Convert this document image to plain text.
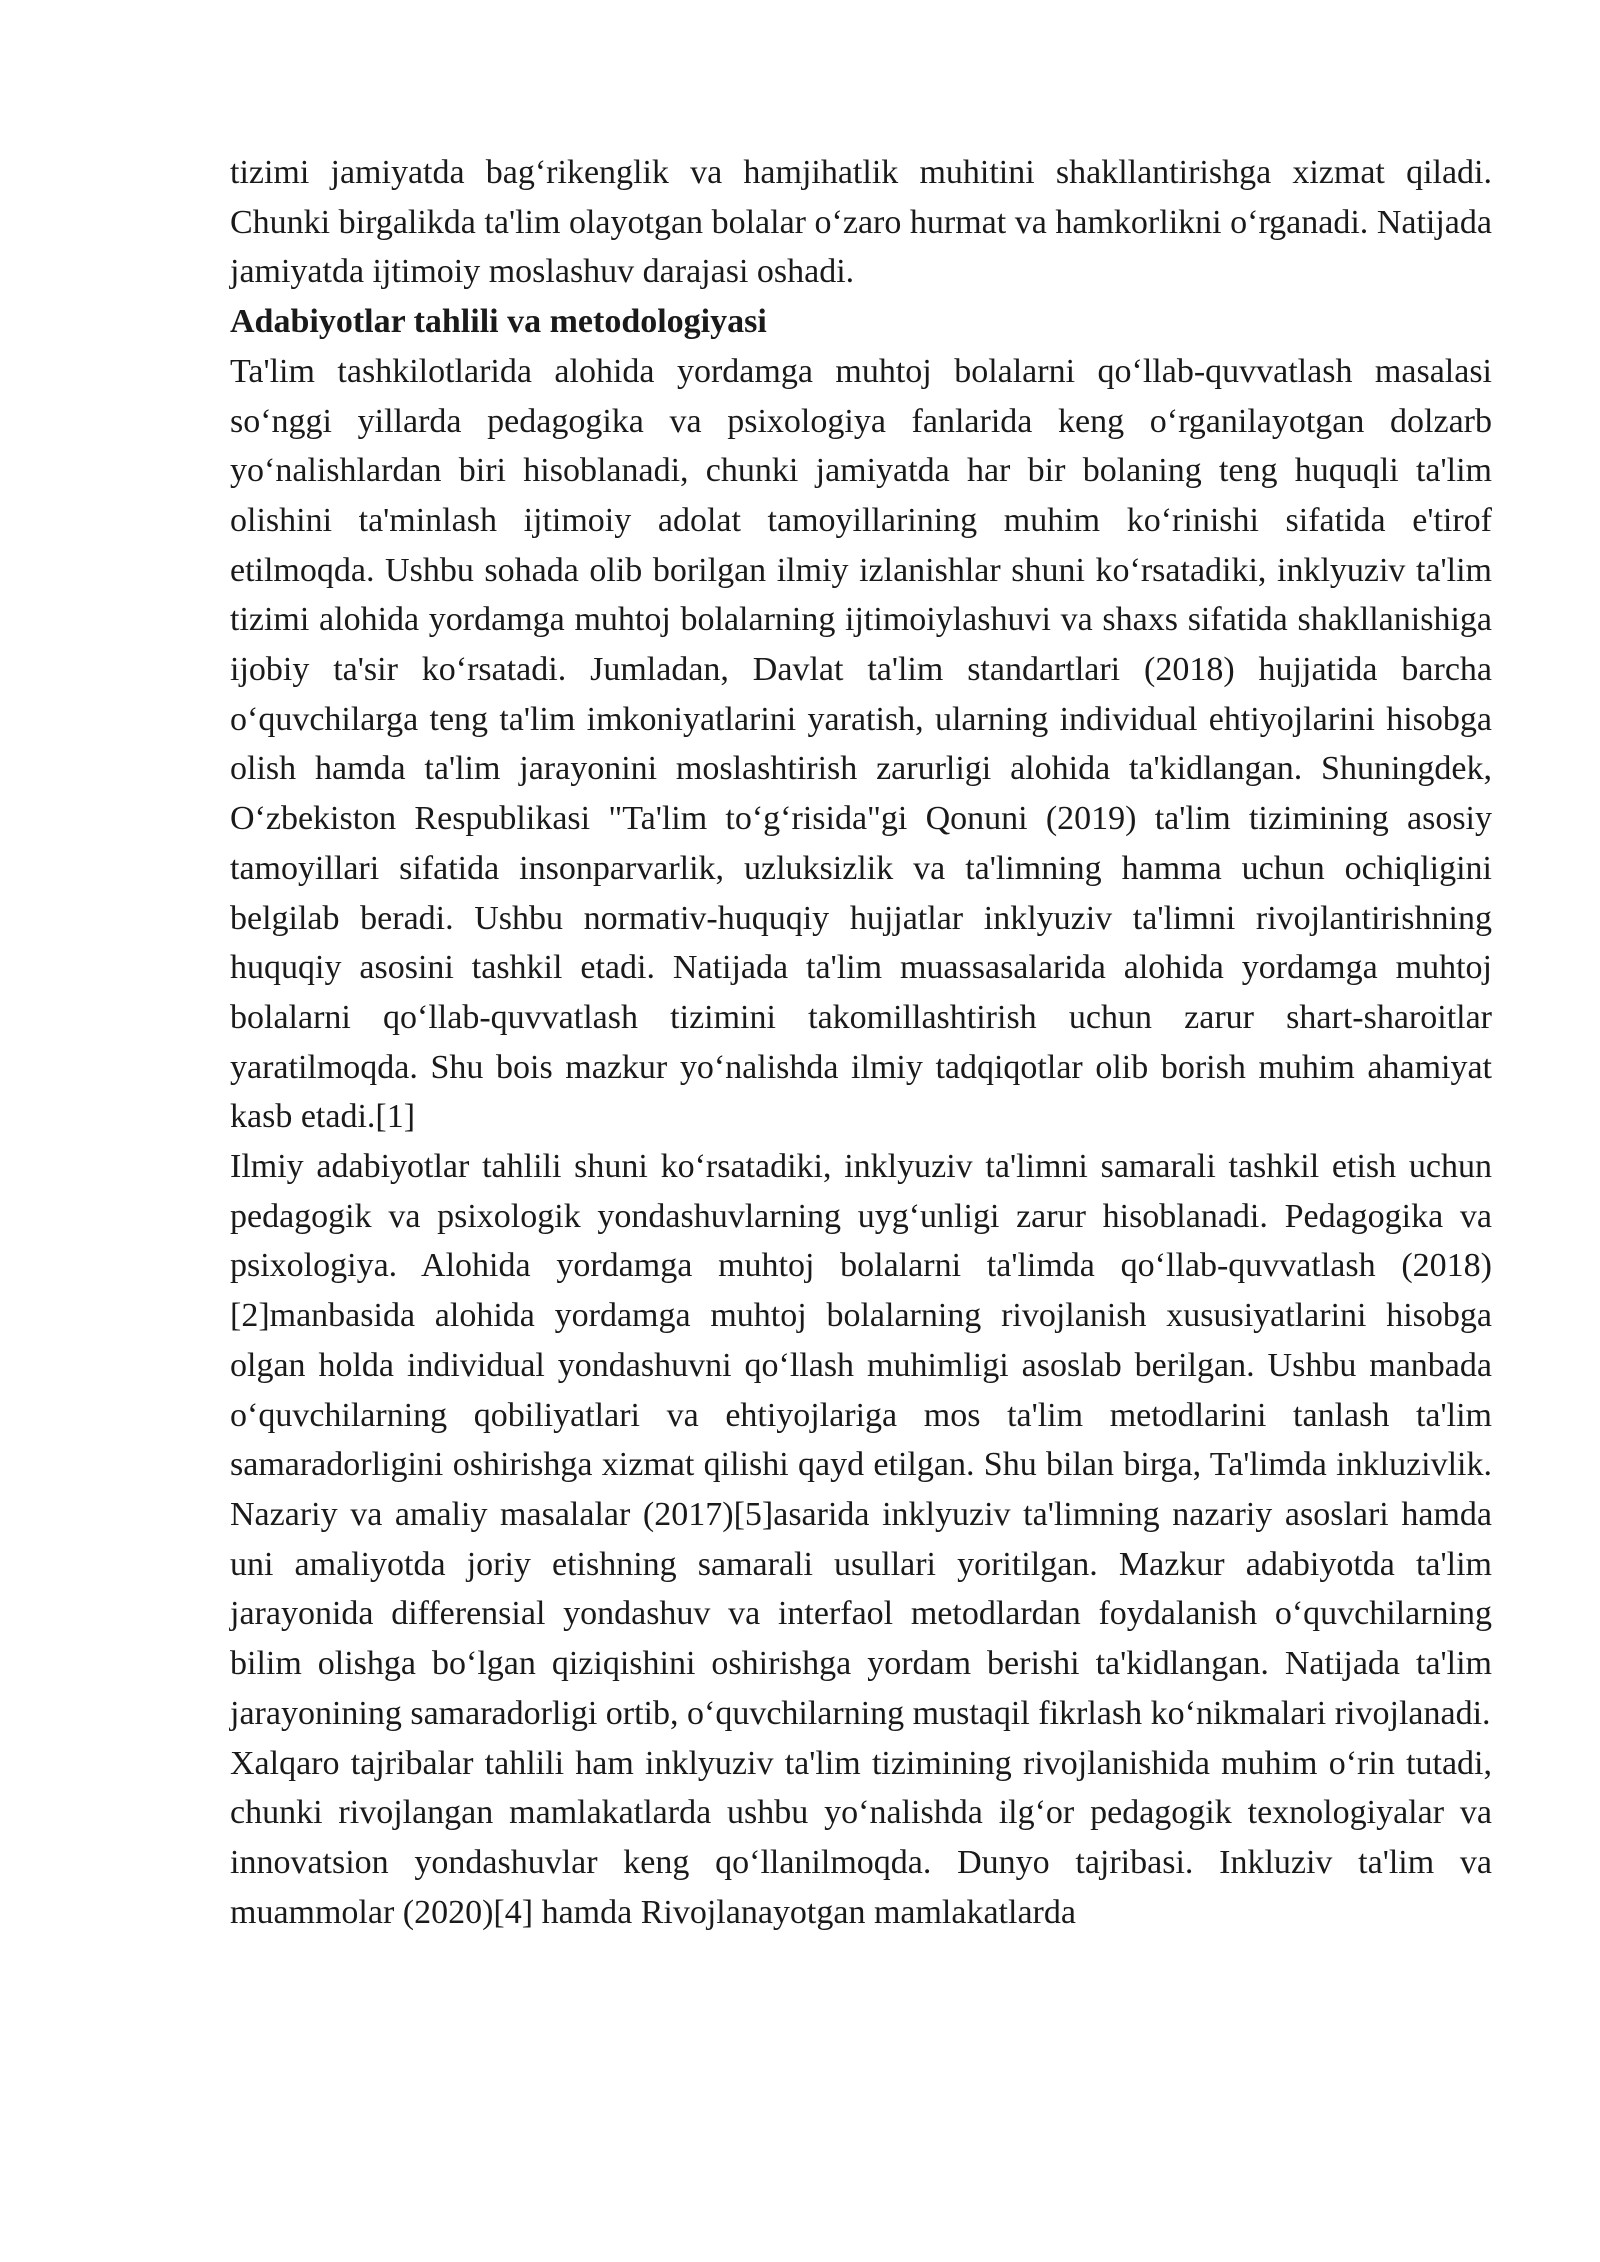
tizimi jamiyatda bag‘rikenglik va hamjihatlik muhitini shakllantirishga xizmat qiladi. Chunki birgalikda ta'lim olayotgan bolalar o‘zaro hurmat va hamkorlikni o‘rganadi. Natijada jamiyatda ijtimoiy moslashuv darajasi oshadi.

Adabiyotlar tahlili va metodologiyasi

Ta'lim tashkilotlarida alohida yordamga muhtoj bolalarni qo‘llab-quvvatlash masalasi so‘nggi yillarda pedagogika va psixologiya fanlarida keng o‘rganilayotgan dolzarb yo‘nalishlardan biri hisoblanadi, chunki jamiyatda har bir bolaning teng huquqli ta'lim olishini ta'minlash ijtimoiy adolat tamoyillarining muhim ko‘rinishi sifatida e'tirof etilmoqda. Ushbu sohada olib borilgan ilmiy izlanishlar shuni ko‘rsatadiki, inklyuziv ta'lim tizimi alohida yordamga muhtoj bolalarning ijtimoiylashuvi va shaxs sifatida shakllanishiga ijobiy ta'sir ko‘rsatadi. Jumladan, Davlat ta'lim standartlari (2018) hujjatida barcha o‘quvchilarga teng ta'lim imkoniyatlarini yaratish, ularning individual ehtiyojlarini hisobga olish hamda ta'lim jarayonini moslashtirish zarurligi alohida ta'kidlangan. Shuningdek, O‘zbekiston Respublikasi "Ta'lim to‘g‘risida"gi Qonuni (2019) ta'lim tizimining asosiy tamoyillari sifatida insonparvarlik, uzluksizlik va ta'limning hamma uchun ochiqligini belgilab beradi. Ushbu normativ-huquqiy hujjatlar inklyuziv ta'limni rivojlantirishning huquqiy asosini tashkil etadi. Natijada ta'lim muassasalarida alohida yordamga muhtoj bolalarni qo‘llab-quvvatlash tizimini takomillashtirish uchun zarur shart-sharoitlar yaratilmoqda. Shu bois mazkur yo‘nalishda ilmiy tadqiqotlar olib borish muhim ahamiyat kasb etadi.[1]

Ilmiy adabiyotlar tahlili shuni ko‘rsatadiki, inklyuziv ta'limni samarali tashkil etish uchun pedagogik va psixologik yondashuvlarning uyg‘unligi zarur hisoblanadi. Pedagogika va psixologiya. Alohida yordamga muhtoj bolalarni ta'limda qo‘llab-quvvatlash (2018)[2]manbasida alohida yordamga muhtoj bolalarning rivojlanish xususiyatlarini hisobga olgan holda individual yondashuvni qo‘llash muhimligi asoslab berilgan. Ushbu manbada o‘quvchilarning qobiliyatlari va ehtiyojlariga mos ta'lim metodlarini tanlash ta'lim samaradorligini oshirishga xizmat qilishi qayd etilgan. Shu bilan birga, Ta'limda inkluzivlik. Nazariy va amaliy masalalar (2017)[5]asarida inklyuziv ta'limning nazariy asoslari hamda uni amaliyotda joriy etishning samarali usullari yoritilgan. Mazkur adabiyotda ta'lim jarayonida differensial yondashuv va interfaol metodlardan foydalanish o‘quvchilarning bilim olishga bo‘lgan qiziqishini oshirishga yordam berishi ta'kidlangan. Natijada ta'lim jarayonining samaradorligi ortib, o‘quvchilarning mustaqil fikrlash ko‘nikmalari rivojlanadi.

Xalqaro tajribalar tahlili ham inklyuziv ta'lim tizimining rivojlanishida muhim o‘rin tutadi, chunki rivojlangan mamlakatlarda ushbu yo‘nalishda ilg‘or pedagogik texnologiyalar va innovatsion yondashuvlar keng qo‘llanilmoqda. Dunyo tajribasi. Inkluziv ta'lim va muammolar (2020)[4] hamda Rivojlanayotgan mamlakatlarda
